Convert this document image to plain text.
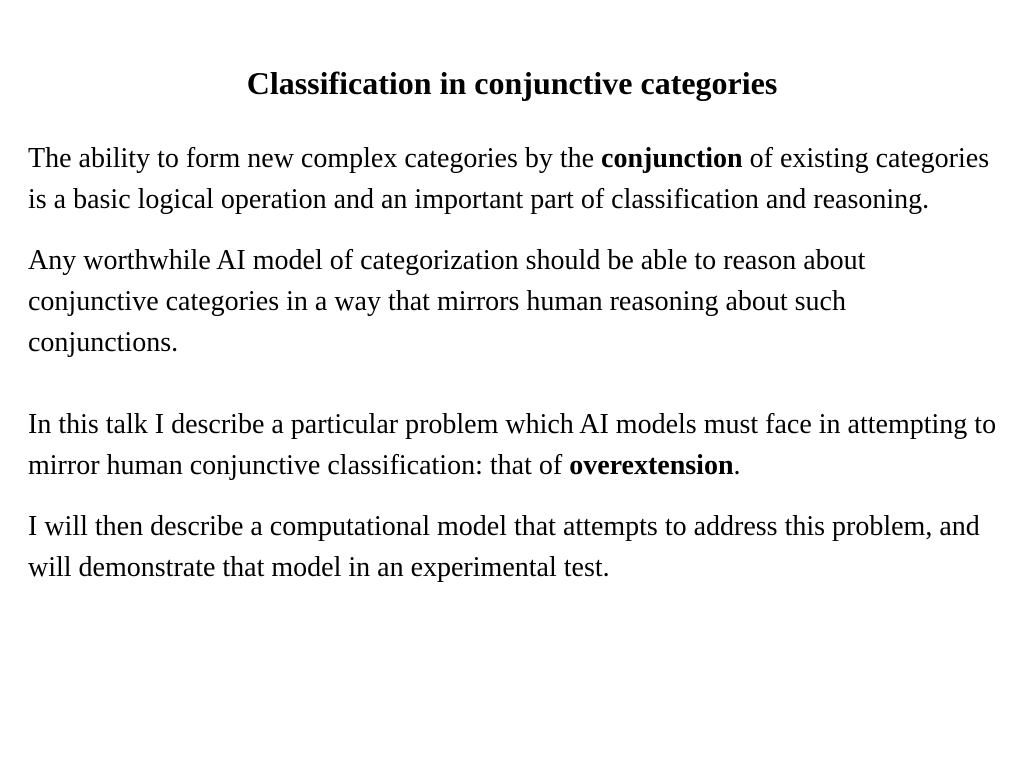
Classification in conjunctive categories

The ability to form new complex categories by the conjunction of existing categories is a basic logical operation and an important part of classification and reasoning.

Any worthwhile AI model of categorization should be able to reason about conjunctive categories in a way that mirrors human reasoning about such conjunctions.

In this talk I describe a particular problem which AI models must face in attempting to mirror human conjunctive classification: that of overextension.

I will then describe a computational model that attempts to address this problem, and will demonstrate that model in an experimental test.
